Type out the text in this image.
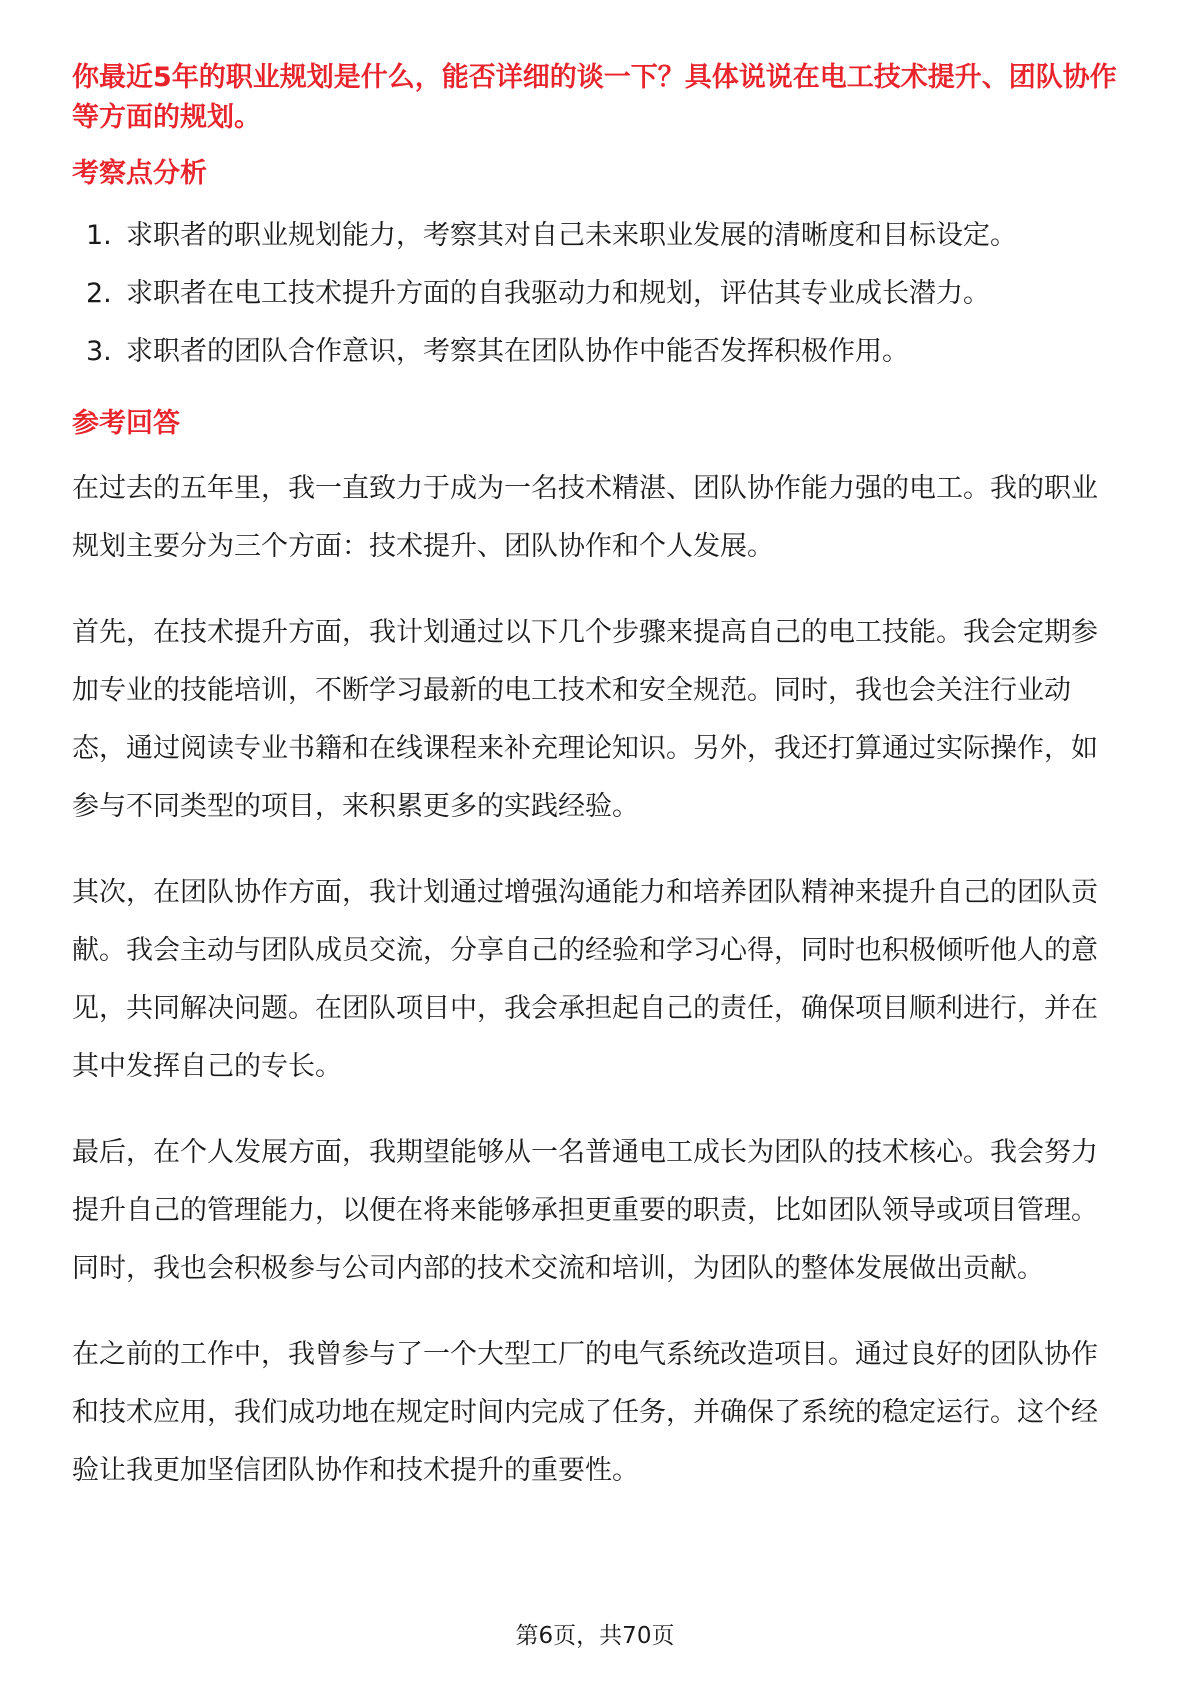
你最近5年的职业规划是什么，能否详细的谈一下？具体说说在电工技术提升、团队协作等方面的规划。

考察点分析

1. 求职者的职业规划能力，考察其对自己未来职业发展的清晰度和目标设定。
2. 求职者在电工技术提升方面的自我驱动力和规划，评估其专业成长潜力。
3. 求职者的团队合作意识，考察其在团队协作中能否发挥积极作用。

参考回答

在过去的五年里，我一直致力于成为一名技术精湛、团队协作能力强的电工。我的职业规划主要分为三个方面：技术提升、团队协作和个人发展。

首先，在技术提升方面，我计划通过以下几个步骤来提高自己的电工技能。我会定期参加专业的技能培训，不断学习最新的电工技术和安全规范。同时，我也会关注行业动态，通过阅读专业书籍和在线课程来补充理论知识。另外，我还打算通过实际操作，如参与不同类型的项目，来积累更多的实践经验。

其次，在团队协作方面，我计划通过增强沟通能力和培养团队精神来提升自己的团队贡献。我会主动与团队成员交流，分享自己的经验和学习心得，同时也积极倾听他人的意见，共同解决问题。在团队项目中，我会承担起自己的责任，确保项目顺利进行，并在其中发挥自己的专长。

最后，在个人发展方面，我期望能够从一名普通电工成长为团队的技术核心。我会努力提升自己的管理能力，以便在将来能够承担更重要的职责，比如团队领导或项目管理。同时，我也会积极参与公司内部的技术交流和培训，为团队的整体发展做出贡献。

在之前的工作中，我曾参与了一个大型工厂的电气系统改造项目。通过良好的团队协作和技术应用，我们成功地在规定时间内完成了任务，并确保了系统的稳定运行。这个经验让我更加坚信团队协作和技术提升的重要性。

第6页，共70页
